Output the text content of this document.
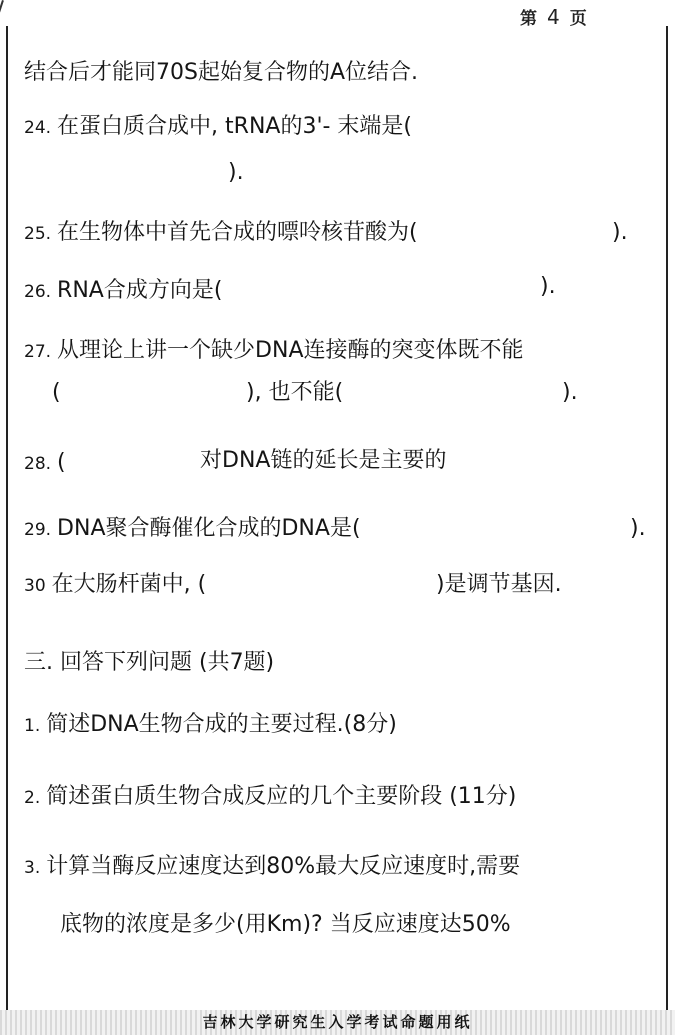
第 4 页
结合后才能同70S起始复合物的A位结合.
24. 在蛋白质合成中, tRNA的3'- 末端是(
).
25. 在生物体中首先合成的嘌呤核苷酸为(	).
26. RNA合成方向是(	).
27. 从理论上讲一个缺少DNA连接酶的突变体既不能
(	), 也不能(	).
28. (	对DNA链的延长是主要的
29. DNA聚合酶催化合成的DNA是(	).
30 在大肠杆菌中, (	)是调节基因.
三. 回答下列问题 (共7题)
1. 简述DNA生物合成的主要过程.(8分)
2. 简述蛋白质生物合成反应的几个主要阶段 (11分)
3. 计算当酶反应速度达到80%最大反应速度时,需要
底物的浓度是多少(用Km)? 当反应速度达50%
吉林大学研究生入学考试命题用纸
